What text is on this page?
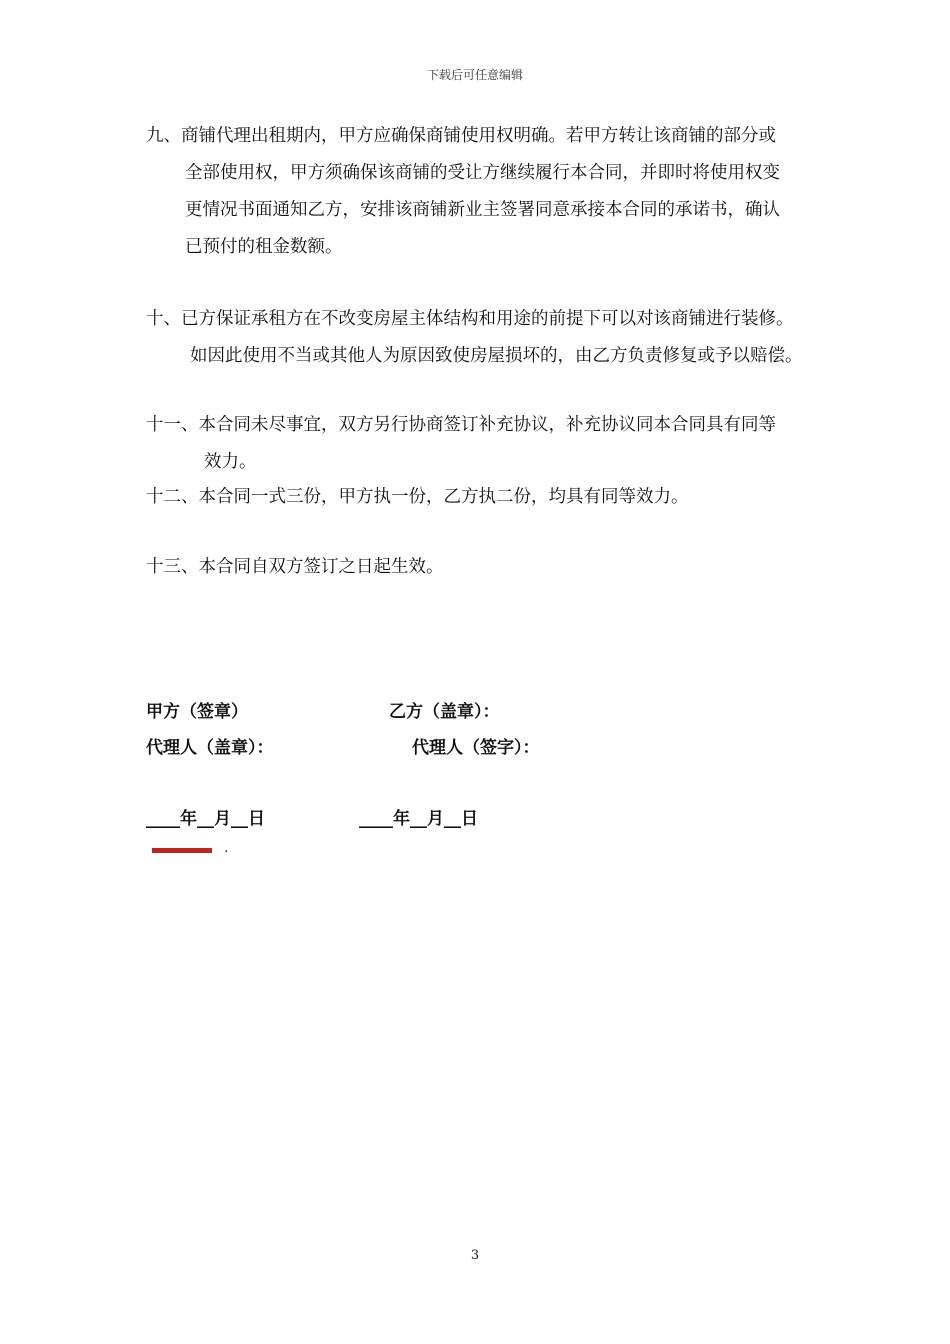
下载后可任意编辑
九、商铺代理出租期内，甲方应确保商铺使用权明确。若甲方转让该商铺的部分或
全部使用权，甲方须确保该商铺的受让方继续履行本合同，并即时将使用权变
更情况书面通知乙方，安排该商铺新业主签署同意承接本合同的承诺书，确认
已预付的租金数额。
十、已方保证承租方在不改变房屋主体结构和用途的前提下可以对该商铺进行装修。
如因此使用不当或其他人为原因致使房屋损坏的，由乙方负责修复或予以赔偿。
十一、本合同未尽事宜，双方另行协商签订补充协议，补充协议同本合同具有同等
效力。
十二、本合同一式三份，甲方执一份，乙方执二份，均具有同等效力。
十三、本合同自双方签订之日起生效。
甲方（签章）	乙方（盖章）：
代理人（盖章）：	代理人（签字）：
____年__月__日	____年__月__日
.
3
